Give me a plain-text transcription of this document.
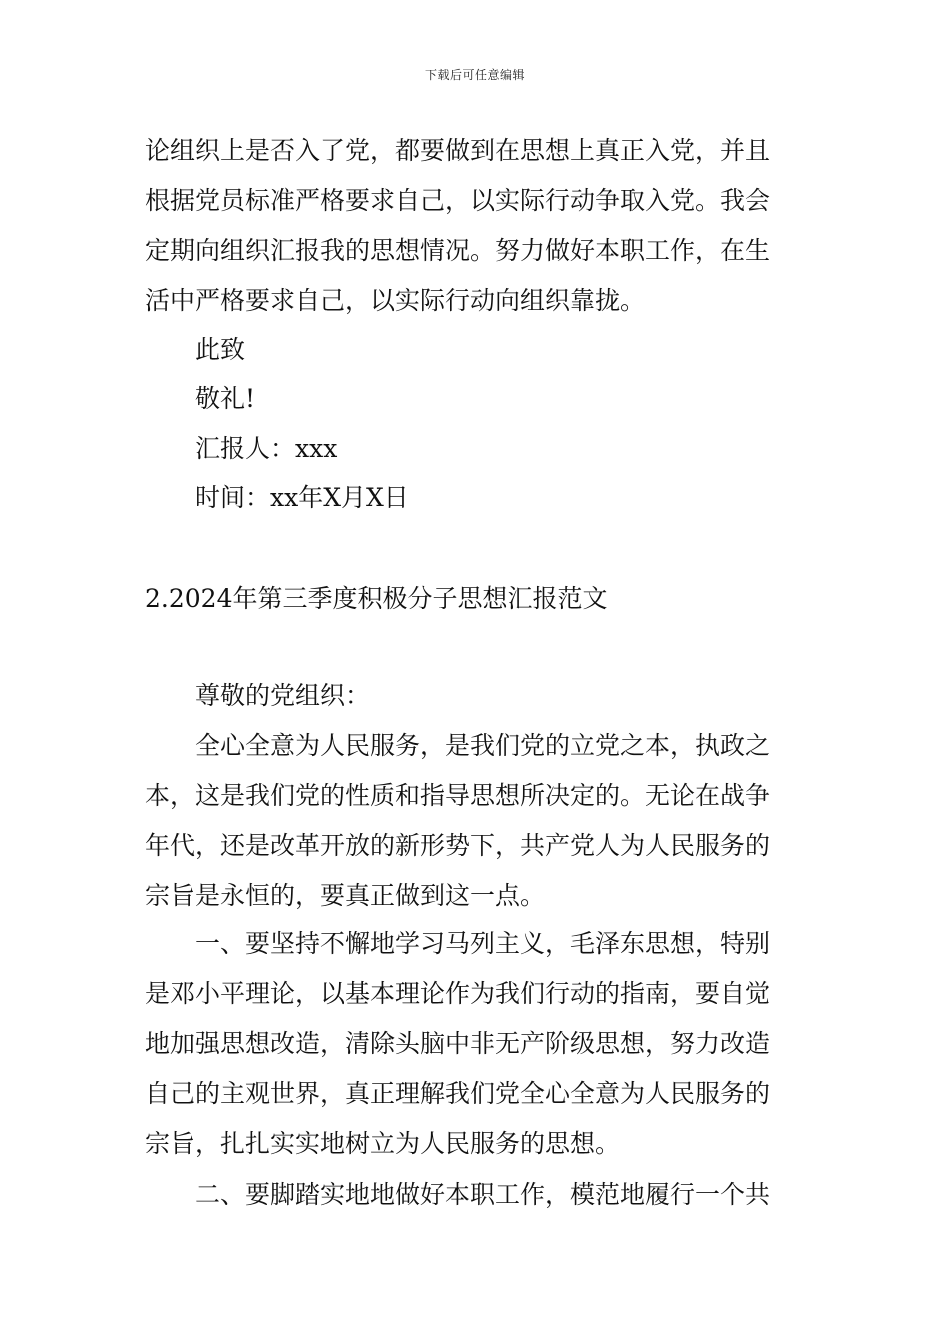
下载后可任意编辑
论组织上是否入了党，都要做到在思想上真正入党，并且
根据党员标准严格要求自己，以实际行动争取入党。我会
定期向组织汇报我的思想情况。努力做好本职工作，在生
活中严格要求自己，以实际行动向组织靠拢。
此致
敬礼!
汇报人：xxx
时间：xx年X月X日
2.2024年第三季度积极分子思想汇报范文
尊敬的党组织：
全心全意为人民服务，是我们党的立党之本，执政之
本，这是我们党的性质和指导思想所决定的。无论在战争
年代，还是改革开放的新形势下，共产党人为人民服务的
宗旨是永恒的，要真正做到这一点。
一、要坚持不懈地学习马列主义，毛泽东思想，特别
是邓小平理论，以基本理论作为我们行动的指南，要自觉
地加强思想改造，清除头脑中非无产阶级思想，努力改造
自己的主观世界，真正理解我们党全心全意为人民服务的
宗旨，扎扎实实地树立为人民服务的思想。
二、要脚踏实地地做好本职工作，模范地履行一个共
